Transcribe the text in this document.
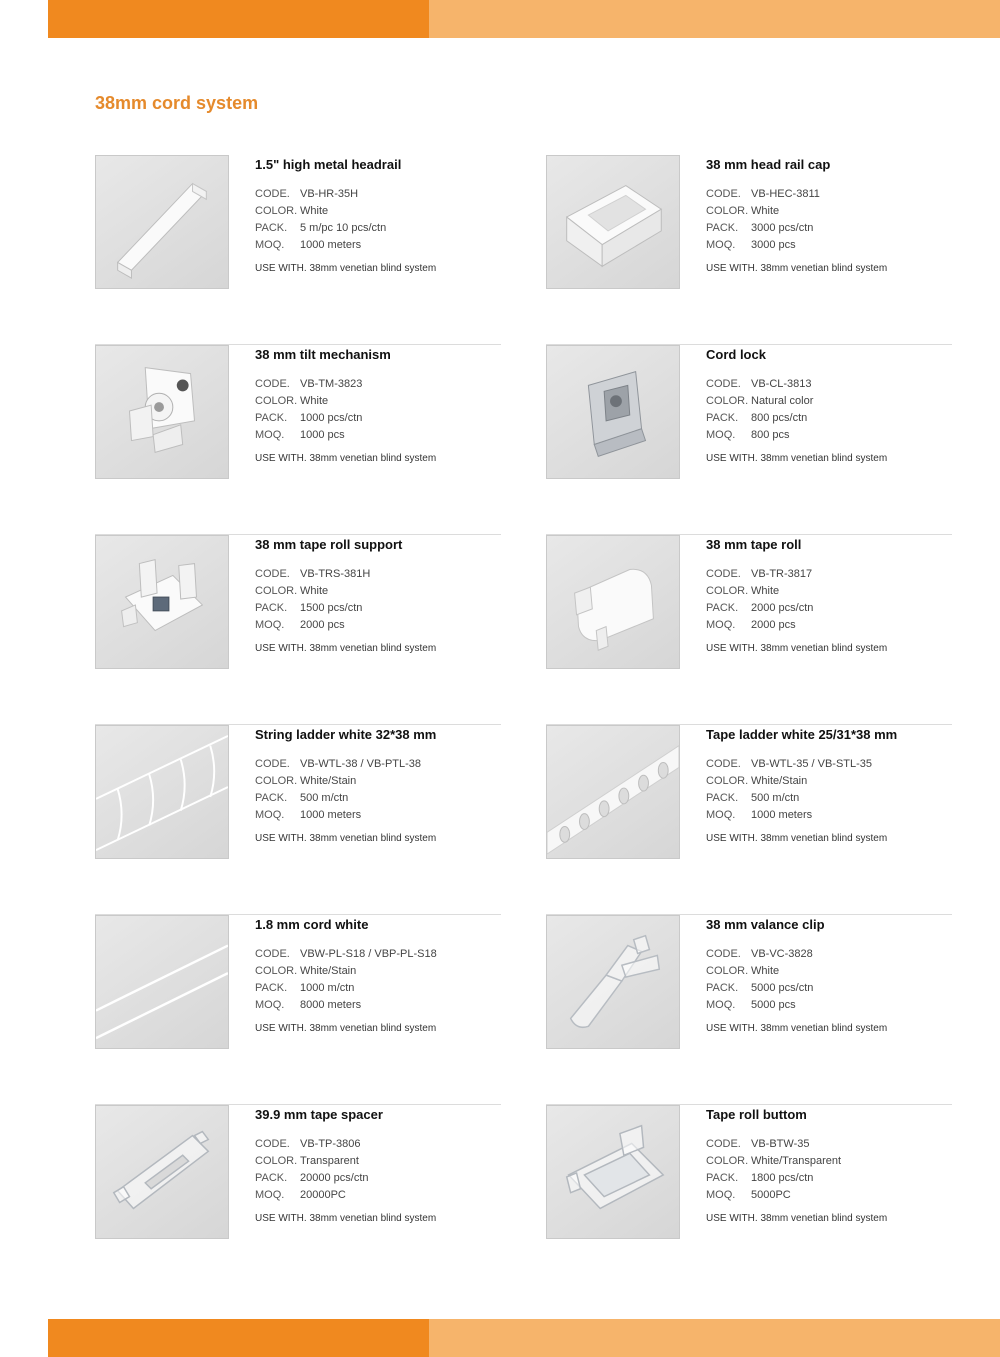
38mm cord system
1.5" high metal headrail
CODE. VB-HR-35H
COLOR. White
PACK. 5 m/pc 10 pcs/ctn
MOQ. 1000 meters
USE WITH. 38mm venetian blind system
38 mm head rail cap
CODE. VB-HEC-3811
COLOR. White
PACK. 3000 pcs/ctn
MOQ. 3000 pcs
USE WITH. 38mm venetian blind system
38 mm tilt mechanism
CODE. VB-TM-3823
COLOR. White
PACK. 1000 pcs/ctn
MOQ. 1000 pcs
USE WITH. 38mm venetian blind system
Cord lock
CODE. VB-CL-3813
COLOR. Natural color
PACK. 800 pcs/ctn
MOQ. 800 pcs
USE WITH. 38mm venetian blind system
38 mm tape roll support
CODE. VB-TRS-381H
COLOR. White
PACK. 1500 pcs/ctn
MOQ. 2000 pcs
USE WITH. 38mm venetian blind system
38 mm tape roll
CODE. VB-TR-3817
COLOR. White
PACK. 2000 pcs/ctn
MOQ. 2000 pcs
USE WITH. 38mm venetian blind system
String ladder white 32*38 mm
CODE. VB-WTL-38 / VB-PTL-38
COLOR. White/Stain
PACK. 500 m/ctn
MOQ. 1000 meters
USE WITH. 38mm venetian blind system
Tape ladder white 25/31*38 mm
CODE. VB-WTL-35 / VB-STL-35
COLOR. White/Stain
PACK. 500 m/ctn
MOQ. 1000 meters
USE WITH. 38mm venetian blind system
1.8 mm cord white
CODE. VBW-PL-S18 / VBP-PL-S18
COLOR. White/Stain
PACK. 1000 m/ctn
MOQ. 8000 meters
USE WITH. 38mm venetian blind system
38 mm valance clip
CODE. VB-VC-3828
COLOR. White
PACK. 5000 pcs/ctn
MOQ. 5000 pcs
USE WITH. 38mm venetian blind system
39.9 mm tape spacer
CODE. VB-TP-3806
COLOR. Transparent
PACK. 20000 pcs/ctn
MOQ. 20000PC
USE WITH. 38mm venetian blind system
Tape roll buttom
CODE. VB-BTW-35
COLOR. White/Transparent
PACK. 1800 pcs/ctn
MOQ. 5000PC
USE WITH. 38mm venetian blind system
